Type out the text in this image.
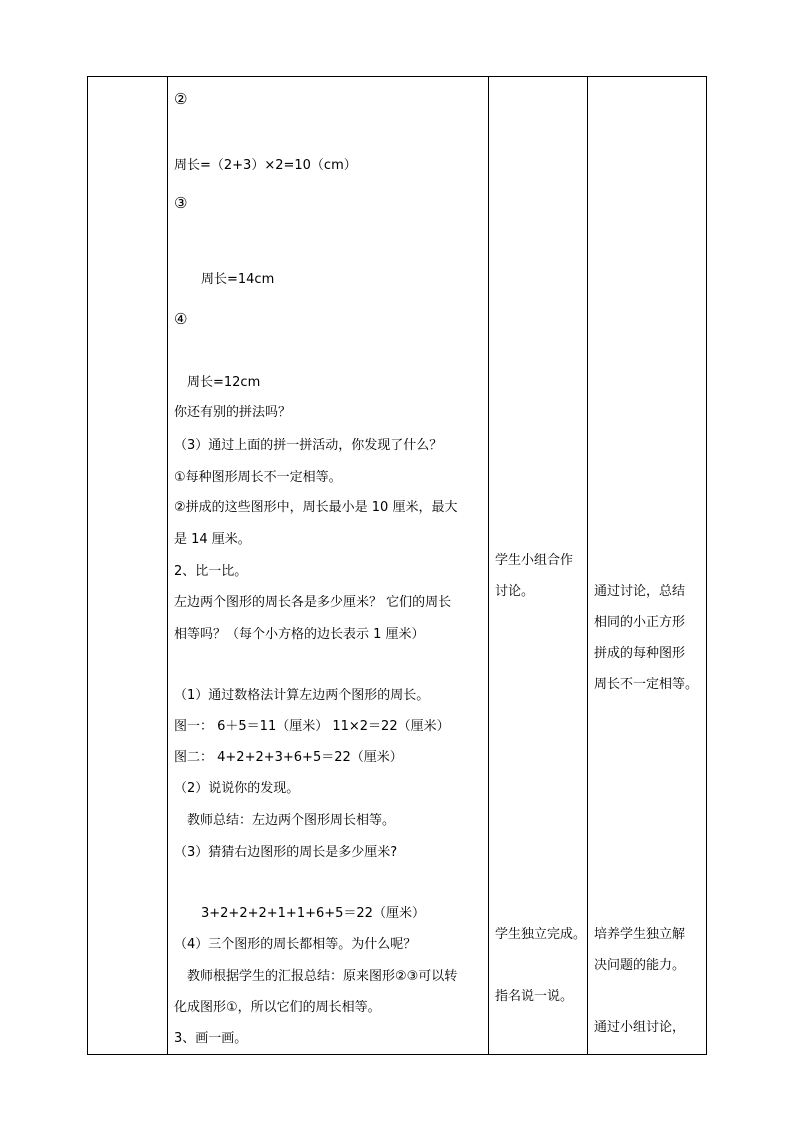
②
周长=（2+3）×2=10（cm）
③
周长=14cm
④
周长=12cm
你还有别的拼法吗？
（3）通过上面的拼一拼活动，你发现了什么？
①每种图形周长不一定相等。
②拼成的这些图形中，周长最小是 10 厘米，最大
是 14 厘米。
2、比一比。
左边两个图形的周长各是多少厘米？ 它们的周长
相等吗？（每个小方格的边长表示 1 厘米）
（1）通过数格法计算左边两个图形的周长。
图一： 6＋5＝11（厘米） 11×2＝22（厘米）
图二： 4+2+2+3+6+5＝22（厘米）
（2）说说你的发现。
教师总结：左边两个图形周长相等。
（3）猜猜右边图形的周长是多少厘米?
3+2+2+2+1+1+6+5＝22（厘米）
（4）三个图形的周长都相等。为什么呢？
教师根据学生的汇报总结：原来图形②③可以转
化成图形①，所以它们的周长相等。
3、画一画。
学生小组合作
讨论。
学生独立完成。
指名说一说。
通过讨论，总结
相同的小正方形
拼成的每种图形
周长不一定相等。
培养学生独立解
决问题的能力。
通过小组讨论，
